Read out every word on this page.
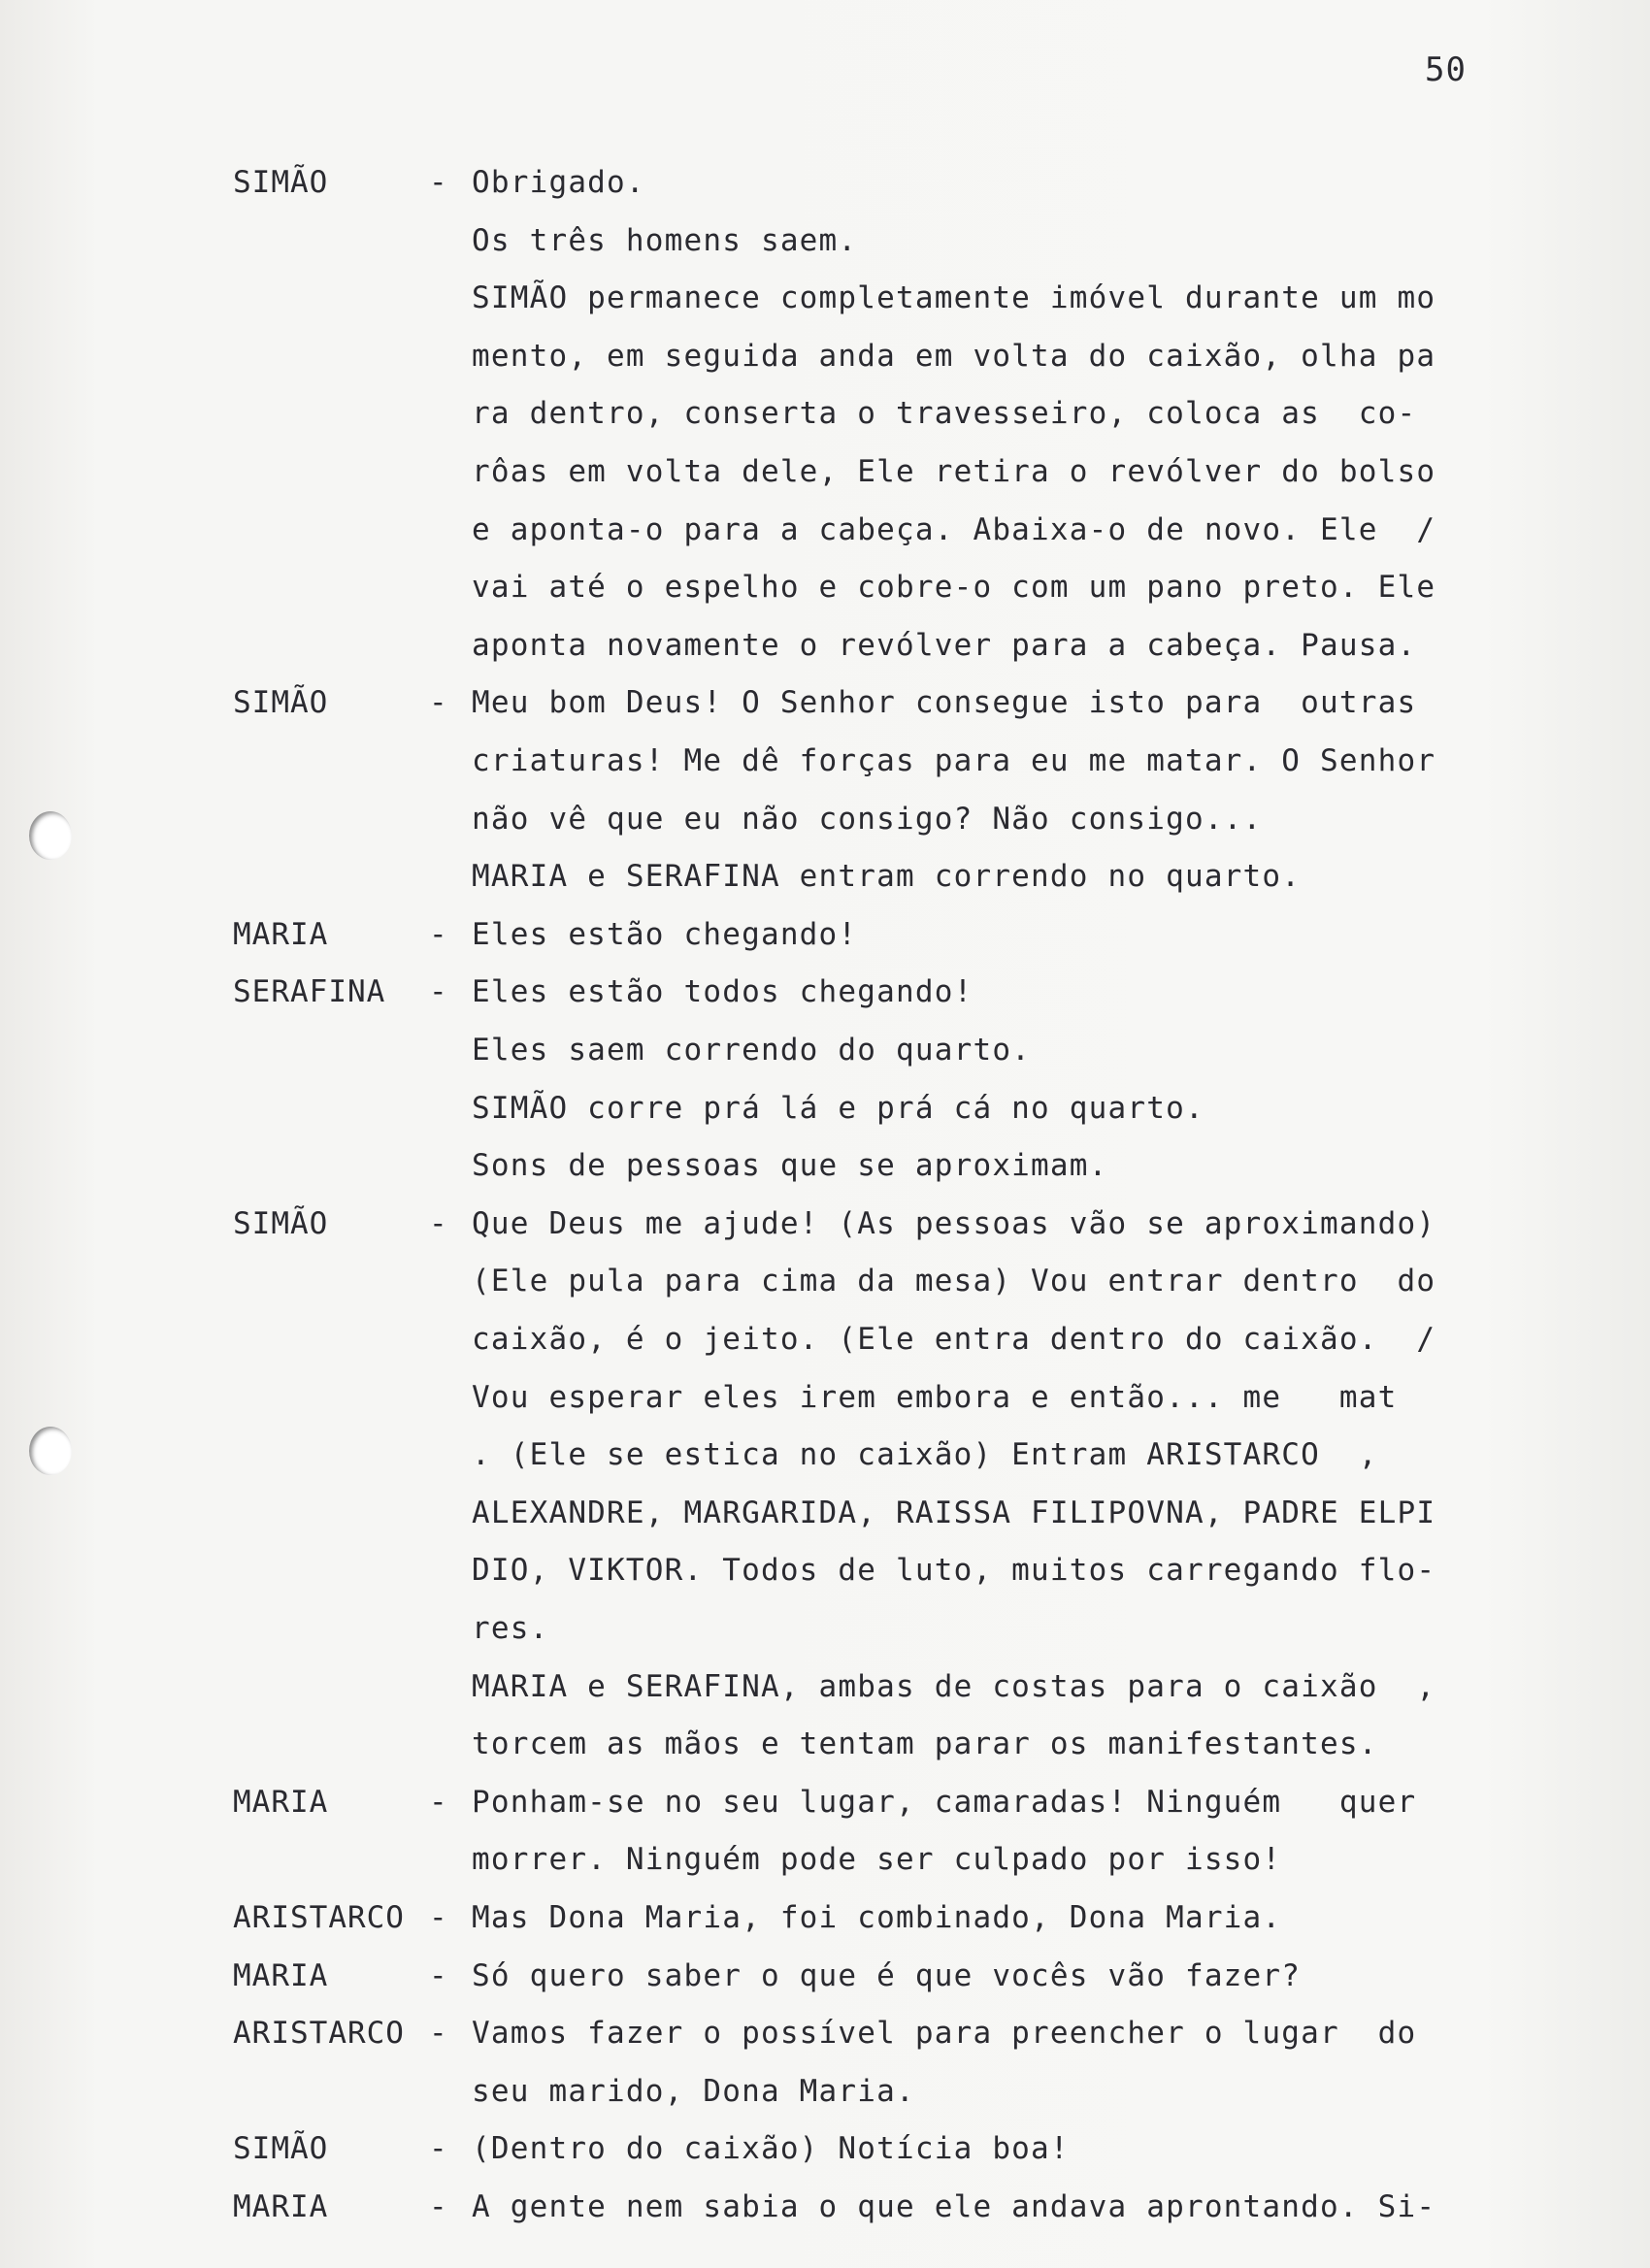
50
SIMÃO	- Obrigado.
Os três homens saem.
SIMÃO permanece completamente imóvel durante um mo
mento, em seguida anda em volta do caixão, olha pa
ra dentro, conserta o travesseiro, coloca as  co-
rôas em volta dele, Ele retira o revólver do bolso
e aponta-o para a cabeça. Abaixa-o de novo. Ele  /
vai até o espelho e cobre-o com um pano preto. Ele
aponta novamente o revólver para a cabeça. Pausa.
SIMÃO	- Meu bom Deus! O Senhor consegue isto para  outras
criaturas! Me dê forças para eu me matar. O Senhor
não vê que eu não consigo? Não consigo...
MARIA e SERAFINA entram correndo no quarto.
MARIA	- Eles estão chegando!
SERAFINA - Eles estão todos chegando!
Eles saem correndo do quarto.
SIMÃO corre prá lá e prá cá no quarto.
Sons de pessoas que se aproximam.
SIMÃO	- Que Deus me ajude! (As pessoas vão se aproximando)
(Ele pula para cima da mesa) Vou entrar dentro  do
caixão, é o jeito. (Ele entra dentro do caixão.  /
Vou esperar eles irem embora e então... me   mat
. (Ele se estica no caixão) Entram ARISTARCO  ,
ALEXANDRE, MARGARIDA, RAISSA FILIPOVNA, PADRE ELPI
DIO, VIKTOR. Todos de luto, muitos carregando flo-
res.
MARIA e SERAFINA, ambas de costas para o caixão  ,
torcem as mãos e tentam parar os manifestantes.
MARIA	- Ponham-se no seu lugar, camaradas! Ninguém   quer
morrer. Ninguém pode ser culpado por isso!
ARISTARCO - Mas Dona Maria, foi combinado, Dona Maria.
MARIA	- Só quero saber o que é que vocês vão fazer?
ARISTARCO - Vamos fazer o possível para preencher o lugar  do
seu marido, Dona Maria.
SIMÃO	- (Dentro do caixão) Notícia boa!
MARIA	- A gente nem sabia o que ele andava aprontando. Si-
